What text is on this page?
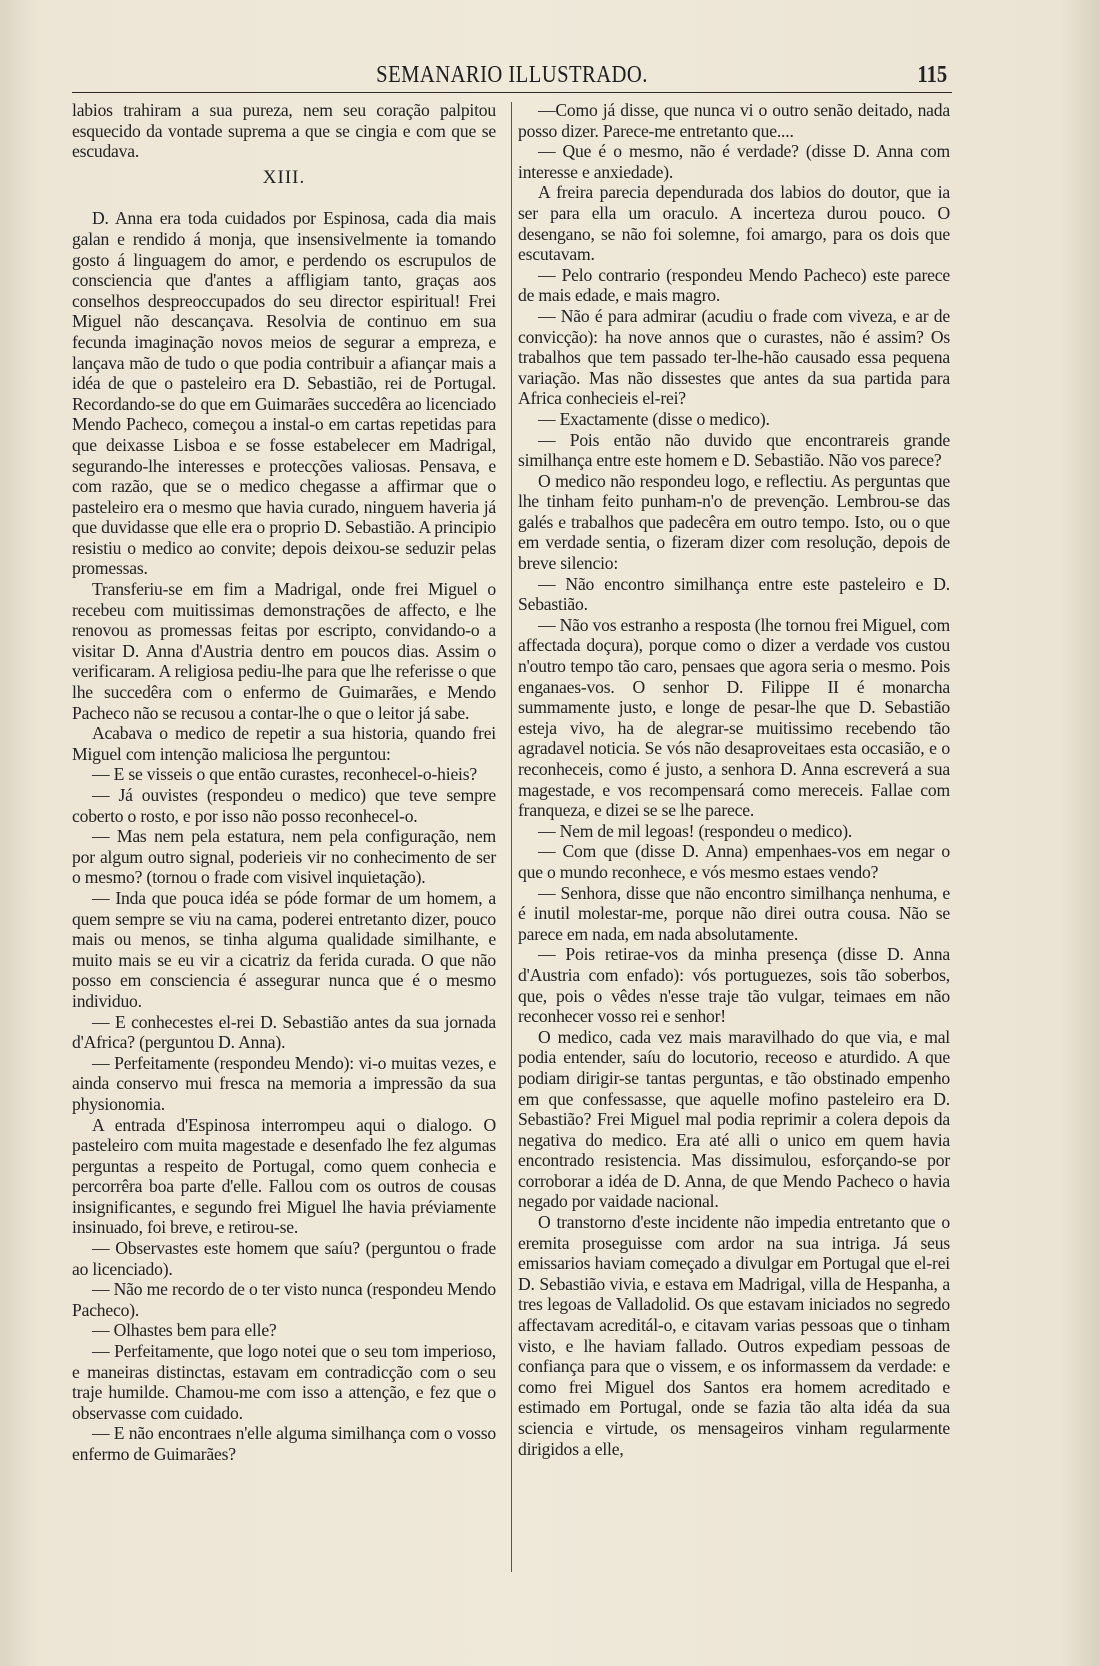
SEMANARIO ILLUSTRADO.	115

labios trahiram a sua pureza, nem seu coração palpitou esquecido da vontade suprema a que se cingia e com que se escudava.

XIII.

D. Anna era toda cuidados por Espinosa, cada dia mais galan e rendido á monja, que insensivelmente ia tomando gosto á linguagem do amor, e perdendo os escrupulos de consciencia que d'antes a affligiam tanto, graças aos conselhos despreoccupados do seu director espiritual! Frei Miguel não descançava. Resolvia de continuo em sua fecunda imaginação novos meios de segurar a empreza, e lançava mão de tudo o que podia contribuir a afiançar mais a idéa de que o pasteleiro era D. Sebastião, rei de Portugal. Recordando-se do que em Guimarães succedêra ao licenciado Mendo Pacheco, começou a instal-o em cartas repetidas para que deixasse Lisboa e se fosse estabelecer em Madrigal, segurando-lhe interesses e protecções valiosas. Pensava, e com razão, que se o medico chegasse a affirmar que o pasteleiro era o mesmo que havia curado, ninguem haveria já que duvidasse que elle era o proprio D. Sebastião. A principio resistiu o medico ao convite; depois deixou-se seduzir pelas promessas.

Transferiu-se em fim a Madrigal, onde frei Miguel o recebeu com muitissimas demonstrações de affecto, e lhe renovou as promessas feitas por escripto, convidando-o a visitar D. Anna d'Austria dentro em poucos dias. Assim o verificaram. A religiosa pediu-lhe para que lhe referisse o que lhe succedêra com o enfermo de Guimarães, e Mendo Pacheco não se recusou a contar-lhe o que o leitor já sabe.

Acabava o medico de repetir a sua historia, quando frei Miguel com intenção maliciosa lhe perguntou:

— E se visseis o que então curastes, reconhecel-o-hieis?

— Já ouvistes (respondeu o medico) que teve sempre coberto o rosto, e por isso não posso reconhecel-o.

— Mas nem pela estatura, nem pela configuração, nem por algum outro signal, poderieis vir no conhecimento de ser o mesmo? (tornou o frade com visivel inquietação).

— Inda que pouca idéa se póde formar de um homem, a quem sempre se viu na cama, poderei entretanto dizer, pouco mais ou menos, se tinha alguma qualidade similhante, e muito mais se eu vir a cicatriz da ferida curada. O que não posso em consciencia é assegurar nunca que é o mesmo individuo.

— E conhecestes el-rei D. Sebastião antes da sua jornada d'Africa? (perguntou D. Anna).

— Perfeitamente (respondeu Mendo): vi-o muitas vezes, e ainda conservo mui fresca na memoria a impressão da sua physionomia.

A entrada d'Espinosa interrompeu aqui o dialogo. O pasteleiro com muita magestade e desenfado lhe fez algumas perguntas a respeito de Portugal, como quem conhecia e percorrêra boa parte d'elle. Fallou com os outros de cousas insignificantes, e segundo frei Miguel lhe havia préviamente insinuado, foi breve, e retirou-se.

— Observastes este homem que saíu? (perguntou o frade ao licenciado).

— Não me recordo de o ter visto nunca (respondeu Mendo Pacheco).

— Olhastes bem para elle?

— Perfeitamente, que logo notei que o seu tom imperioso, e maneiras distinctas, estavam em contradicção com o seu traje humilde. Chamou-me com isso a attenção, e fez que o observasse com cuidado.

— E não encontraes n'elle alguma similhança com o vosso enfermo de Guimarães?

—Como já disse, que nunca vi o outro senão deitado, nada posso dizer. Parece-me entretanto que....

— Que é o mesmo, não é verdade? (disse D. Anna com interesse e anxiedade).

A freira parecia dependurada dos labios do doutor, que ia ser para ella um oraculo. A incerteza durou pouco. O desengano, se não foi solemne, foi amargo, para os dois que escutavam.

— Pelo contrario (respondeu Mendo Pacheco) este parece de mais edade, e mais magro.

— Não é para admirar (acudiu o frade com viveza, e ar de convicção): ha nove annos que o curastes, não é assim? Os trabalhos que tem passado ter-lhe-hão causado essa pequena variação. Mas não dissestes que antes da sua partida para Africa conhecieis el-rei?

— Exactamente (disse o medico).

— Pois então não duvido que encontrareis grande similhança entre este homem e D. Sebastião. Não vos parece?

O medico não respondeu logo, e reflectiu. As perguntas que lhe tinham feito punham-n'o de prevenção. Lembrou-se das galés e trabalhos que padecêra em outro tempo. Isto, ou o que em verdade sentia, o fizeram dizer com resolução, depois de breve silencio:

— Não encontro similhança entre este pasteleiro e D. Sebastião.

— Não vos estranho a resposta (lhe tornou frei Miguel, com affectada doçura), porque como o dizer a verdade vos custou n'outro tempo tão caro, pensaes que agora seria o mesmo. Pois enganaes-vos. O senhor D. Filippe II é monarcha summamente justo, e longe de pesar-lhe que D. Sebastião esteja vivo, ha de alegrar-se muitissimo recebendo tão agradavel noticia. Se vós não desaproveitaes esta occasião, e o reconheceis, como é justo, a senhora D. Anna escreverá a sua magestade, e vos recompensará como mereceis. Fallae com franqueza, e dizei se se lhe parece.

— Nem de mil legoas! (respondeu o medico).

— Com que (disse D. Anna) empenhaes-vos em negar o que o mundo reconhece, e vós mesmo estaes vendo?

— Senhora, disse que não encontro similhança nenhuma, e é inutil molestar-me, porque não direi outra cousa. Não se parece em nada, em nada absolutamente.

— Pois retirae-vos da minha presença (disse D. Anna d'Austria com enfado): vós portuguezes, sois tão soberbos, que, pois o vêdes n'esse traje tão vulgar, teimaes em não reconhecer vosso rei e senhor!

O medico, cada vez mais maravilhado do que via, e mal podia entender, saíu do locutorio, receoso e aturdido. A que podiam dirigir-se tantas perguntas, e tão obstinado empenho em que confessasse, que aquelle mofino pasteleiro era D. Sebastião? Frei Miguel mal podia reprimir a colera depois da negativa do medico. Era até alli o unico em quem havia encontrado resistencia. Mas dissimulou, esforçando-se por corroborar a idéa de D. Anna, de que Mendo Pacheco o havia negado por vaidade nacional.

O transtorno d'este incidente não impedia entretanto que o eremita proseguisse com ardor na sua intriga. Já seus emissarios haviam começado a divulgar em Portugal que el-rei D. Sebastião vivia, e estava em Madrigal, villa de Hespanha, a tres legoas de Valladolid. Os que estavam iniciados no segredo affectavam acreditál-o, e citavam varias pessoas que o tinham visto, e lhe haviam fallado. Outros expediam pessoas de confiança para que o vissem, e os informassem da verdade: e como frei Miguel dos Santos era homem acreditado e estimado em Portugal, onde se fazia tão alta idéa da sua sciencia e virtude, os mensageiros vinham regularmente dirigidos a elle,
